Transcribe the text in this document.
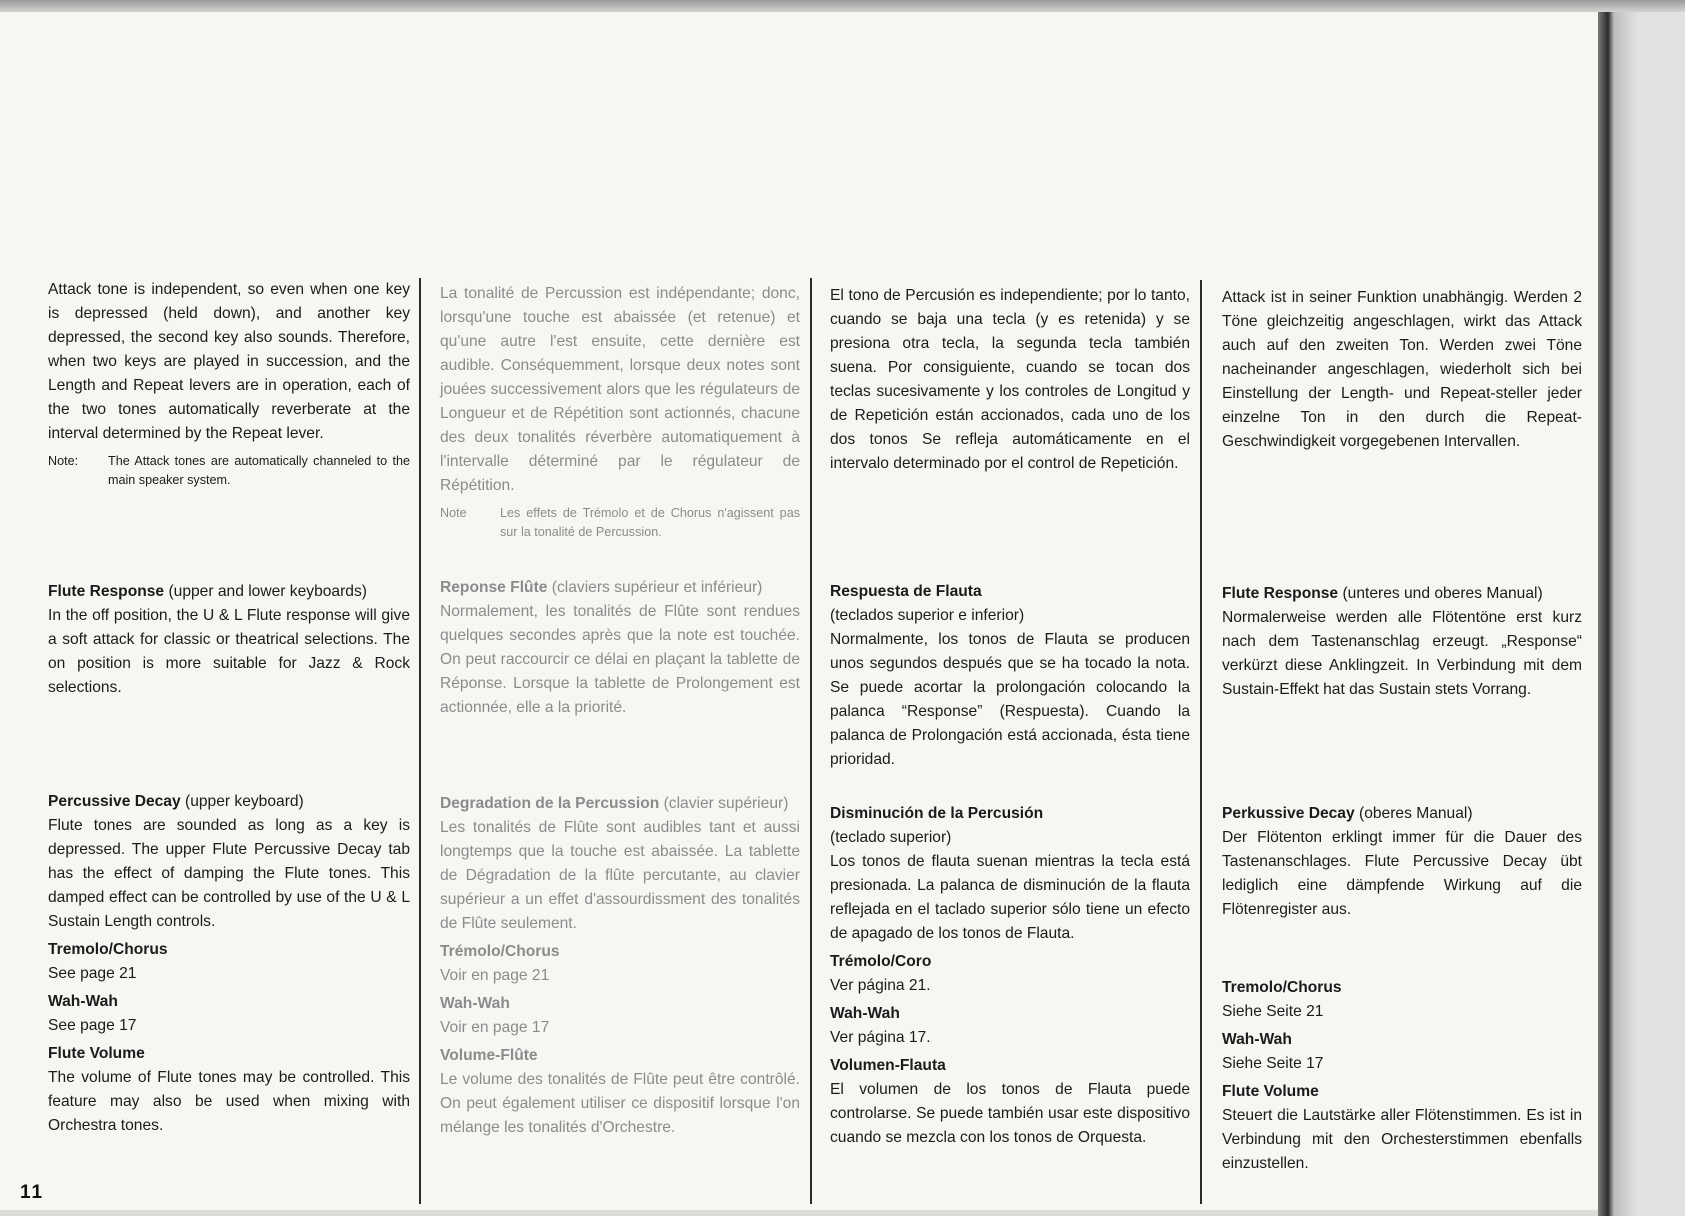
Attack tone is independent, so even when one key is depressed (held down), and another key depressed, the second key also sounds. Therefore, when two keys are played in succession, and the Length and Repeat levers are in operation, each of the two tones automatically reverberate at the interval determined by the Repeat lever.
Note:	The Attack tones are automatically channeled to the main speaker system.
Flute Response (upper and lower keyboards)
In the off position, the U & L Flute response will give a soft attack for classic or theatrical selections. The on position is more suitable for Jazz & Rock selections.
Percussive Decay (upper keyboard)
Flute tones are sounded as long as a key is depressed. The upper Flute Percussive Decay tab has the effect of damping the Flute tones. This damped effect can be controlled by use of the U & L Sustain Length controls.
Tremolo/Chorus
See page 21
Wah-Wah
See page 17
Flute Volume
The volume of Flute tones may be controlled. This feature may also be used when mixing with Orchestra tones.
La tonalité de Percussion est indépendante; donc, lorsqu'une touche est abaissée (et retenue) et qu'une autre l'est ensuite, cette dernière est audible. Conséquemment, lorsque deux notes sont jouées successivement alors que les régulateurs de Longueur et de Répétition sont actionnés, chacune des deux tonalités réverbère automatiquement à l'intervalle déterminé par le régulateur de Répétition.
Note	Les effets de Trémolo et de Chorus n'agissent pas sur la tonalité de Percussion.
Reponse Flûte (claviers supérieur et inférieur)
Normalement, les tonalités de Flûte sont rendues quelques secondes après que la note est touchée. On peut raccourcir ce délai en plaçant la tablette de Réponse. Lorsque la tablette de Prolongement est actionnée, elle a la priorité.
Degradation de la Percussion (clavier supérieur)
Les tonalités de Flûte sont audibles tant et aussi longtemps que la touche est abaissée. La tablette de Dégradation de la flûte percutante, au clavier supérieur a un effet d'assourdissment des tonalités de Flûte seulement.
Trémolo/Chorus
Voir en page 21
Wah-Wah
Voir en page 17
Volume-Flûte
Le volume des tonalités de Flûte peut être contrôlé. On peut également utiliser ce dispositif lorsque l'on mélange les tonalités d'Orchestre.
El tono de Percusión es independiente; por lo tanto, cuando se baja una tecla (y es retenida) y se presiona otra tecla, la segunda tecla también suena. Por consiguiente, cuando se tocan dos teclas sucesivamente y los controles de Longitud y de Repetición están accionados, cada uno de los dos tonos Se refleja automáticamente en el intervalo determinado por el control de Repetición.
Respuesta de Flauta
(teclados superior e inferior)
Normalmente, los tonos de Flauta se producen unos segundos después que se ha tocado la nota. Se puede acortar la prolongación colocando la palanca “Response” (Respuesta). Cuando la palanca de Prolongación está accionada, ésta tiene prioridad.
Disminución de la Percusión
(teclado superior)
Los tonos de flauta suenan mientras la tecla está presionada. La palanca de disminución de la flauta reflejada en el taclado superior sólo tiene un efecto de apagado de los tonos de Flauta.
Trémolo/Coro
Ver página 21.
Wah-Wah
Ver página 17.
Volumen-Flauta
El volumen de los tonos de Flauta puede controlarse. Se puede también usar este dispositivo cuando se mezcla con los tonos de Orquesta.
Attack ist in seiner Funktion unabhängig. Werden 2 Töne gleichzeitig angeschlagen, wirkt das Attack auch auf den zweiten Ton. Werden zwei Töne nacheinander angeschlagen, wiederholt sich bei Einstellung der Length- und Repeat-steller jeder einzelne Ton in den durch die Repeat-Geschwindigkeit vorgegebenen Intervallen.
Flute Response (unteres und oberes Manual)
Normalerweise werden alle Flötentöne erst kurz nach dem Tastenanschlag erzeugt. „Response“ verkürzt diese Anklingzeit. In Verbindung mit dem Sustain-Effekt hat das Sustain stets Vorrang.
Perkussive Decay (oberes Manual)
Der Flötenton erklingt immer für die Dauer des Tastenanschlages. Flute Percussive Decay übt lediglich eine dämpfende Wirkung auf die Flötenregister aus.
Tremolo/Chorus
Siehe Seite 21
Wah-Wah
Siehe Seite 17
Flute Volume
Steuert die Lautstärke aller Flötenstimmen. Es ist in Verbindung mit den Orchesterstimmen ebenfalls einzustellen.
11
